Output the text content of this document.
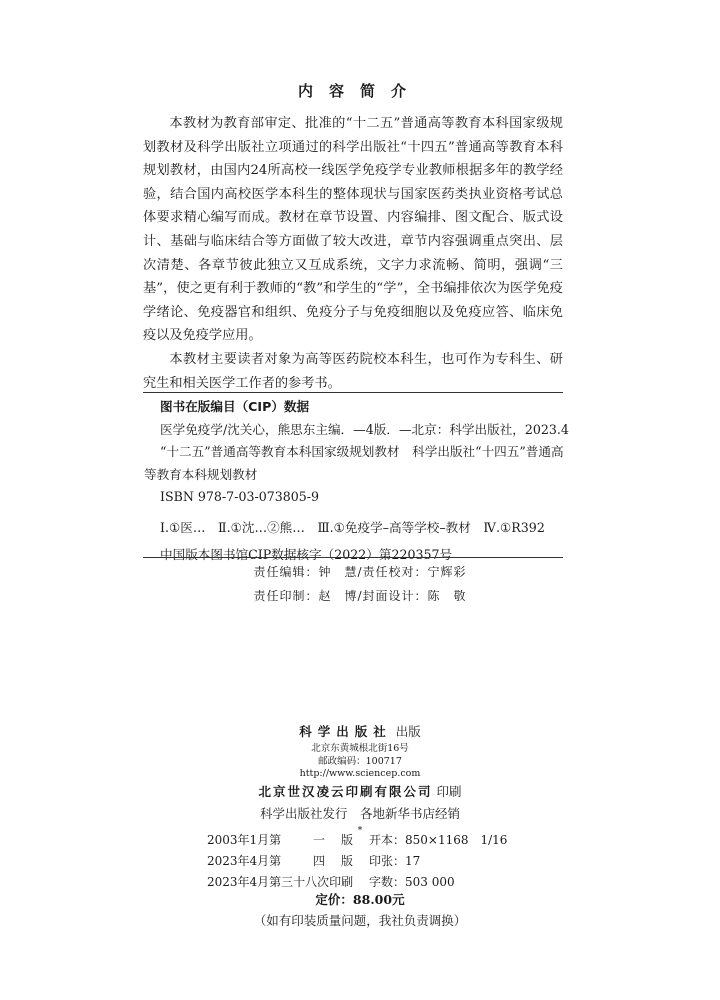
内容简介

本教材为教育部审定、批准的“十二五”普通高等教育本科国家级规划教材及科学出版社立项通过的科学出版社“十四五”普通高等教育本科规划教材，由国内24所高校一线医学免疫学专业教师根据多年的教学经验，结合国内高校医学本科生的整体现状与国家医药类执业资格考试总体要求精心编写而成。教材在章节设置、内容编排、图文配合、版式设计、基础与临床结合等方面做了较大改进，章节内容强调重点突出、层次清楚、各章节彼此独立又互成系统，文字力求流畅、简明，强调“三基”，使之更有利于教师的“教”和学生的“学”，全书编排依次为医学免疫学绪论、免疫器官和组织、免疫分子与免疫细胞以及免疫应答、临床免疫以及免疫学应用。

本教材主要读者对象为高等医药院校本科生，也可作为专科生、研究生和相关医学工作者的参考书。

图书在版编目（CIP）数据
医学免疫学/沈关心，熊思东主编．—4版．—北京：科学出版社，2023.4
“十二五”普通高等教育本科国家级规划教材　科学出版社“十四五”普通高等教育本科规划教材
ISBN 978-7-03-073805-9
Ⅰ.①医…　Ⅱ.①沈…②熊…　Ⅲ.①免疫学–高等学校–教材　Ⅳ.①R392
中国版本图书馆CIP数据核字（2022）第220357号
责任编辑：钟　慧/责任校对：宁辉彩
责任印制：赵　博/封面设计：陈　敬
科学出版社 出版
北京东黄城根北街16号
邮政编码：100717
http://www.sciencep.com
北京世汉凌云印刷有限公司 印刷
科学出版社发行　各地新华书店经销
*
2003年1月第	一	版	开本：850×1168　1/16
2023年4月第	四	版	印张：17
2023年4月第三十八次印刷			字数：503 000
定价：88.00元
（如有印装质量问题，我社负责调换）
